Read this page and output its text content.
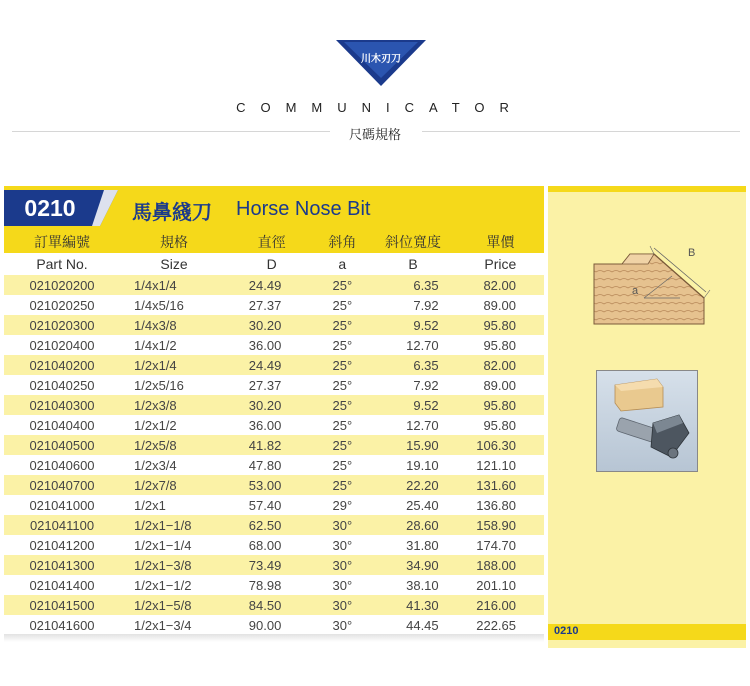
川木刃刀
COMMUNICATOR
尺碼規格
0210	馬鼻綫刀 Horse Nose Bit
訂單編號	規格	直徑	斜角	斜位寬度	單價
Part No.	Size	D	a	B	Price
021020200	1/4x1/4	24.49	25°	6.35	82.00
021020250	1/4x5/16	27.37	25°	7.92	89.00
021020300	1/4x3/8	30.20	25°	9.52	95.80
021020400	1/4x1/2	36.00	25°	12.70	95.80
021040200	1/2x1/4	24.49	25°	6.35	82.00
021040250	1/2x5/16	27.37	25°	7.92	89.00
021040300	1/2x3/8	30.20	25°	9.52	95.80
021040400	1/2x1/2	36.00	25°	12.70	95.80
021040500	1/2x5/8	41.82	25°	15.90	106.30
021040600	1/2x3/4	47.80	25°	19.10	121.10
021040700	1/2x7/8	53.00	25°	22.20	131.60
021041000	1/2x1	57.40	29°	25.40	136.80
021041100	1/2x1−1/8	62.50	30°	28.60	158.90
021041200	1/2x1−1/4	68.00	30°	31.80	174.70
021041300	1/2x1−3/8	73.49	30°	34.90	188.00
021041400	1/2x1−1/2	78.98	30°	38.10	201.10
021041500	1/2x1−5/8	84.50	30°	41.30	216.00
021041600	1/2x1−3/4	90.00	30°	44.45	222.65
B
a
0210
